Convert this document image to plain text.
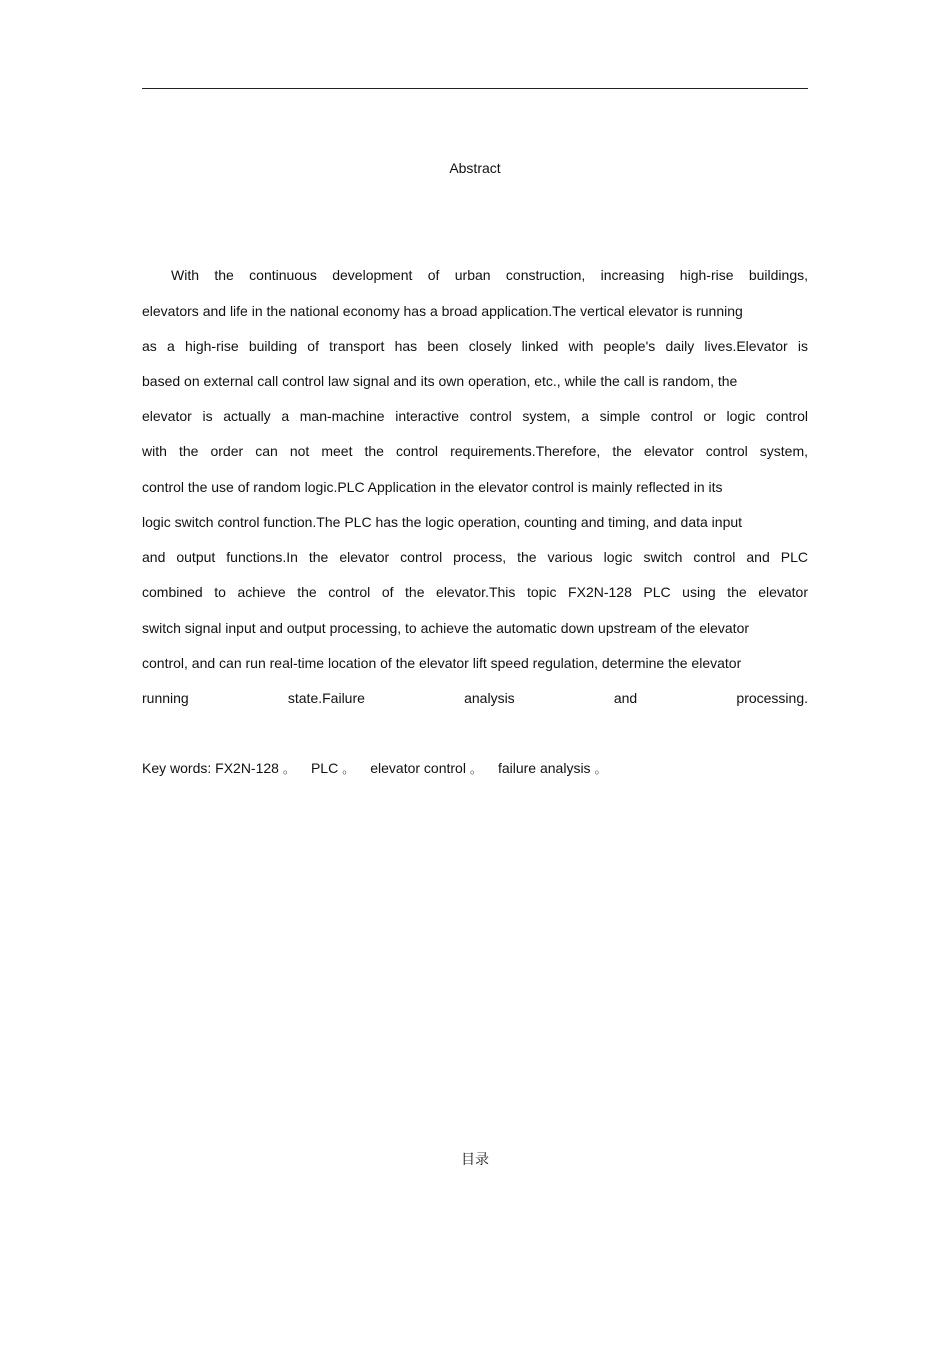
Abstract
With the continuous development of urban construction, increasing high-rise buildings,
elevators and life in the national economy has a broad application.The vertical elevator is running
as a high-rise building of transport has been closely linked with people's daily lives.Elevator is
based on external call control law signal and its own operation, etc., while the call is random, the
elevator is actually a man-machine interactive control system, a simple control or logic control
with the order can not meet the control requirements.Therefore, the elevator control system,
control the use of random logic.PLC Application in the elevator control is mainly reflected in its
logic switch control function.The PLC has the logic operation, counting and timing, and data input
and output functions.In the elevator control process, the various logic switch control and PLC
combined to achieve the control of the elevator.This topic FX2N-128 PLC using the elevator
switch signal input and output processing, to achieve the automatic down upstream of the elevator
control, and can run real-time location of the elevator lift speed regulation, determine the elevator
running state.Failure analysis and processing.
Key words: FX2N-128 。 PLC 。 elevator control 。 failure analysis 。
目录
